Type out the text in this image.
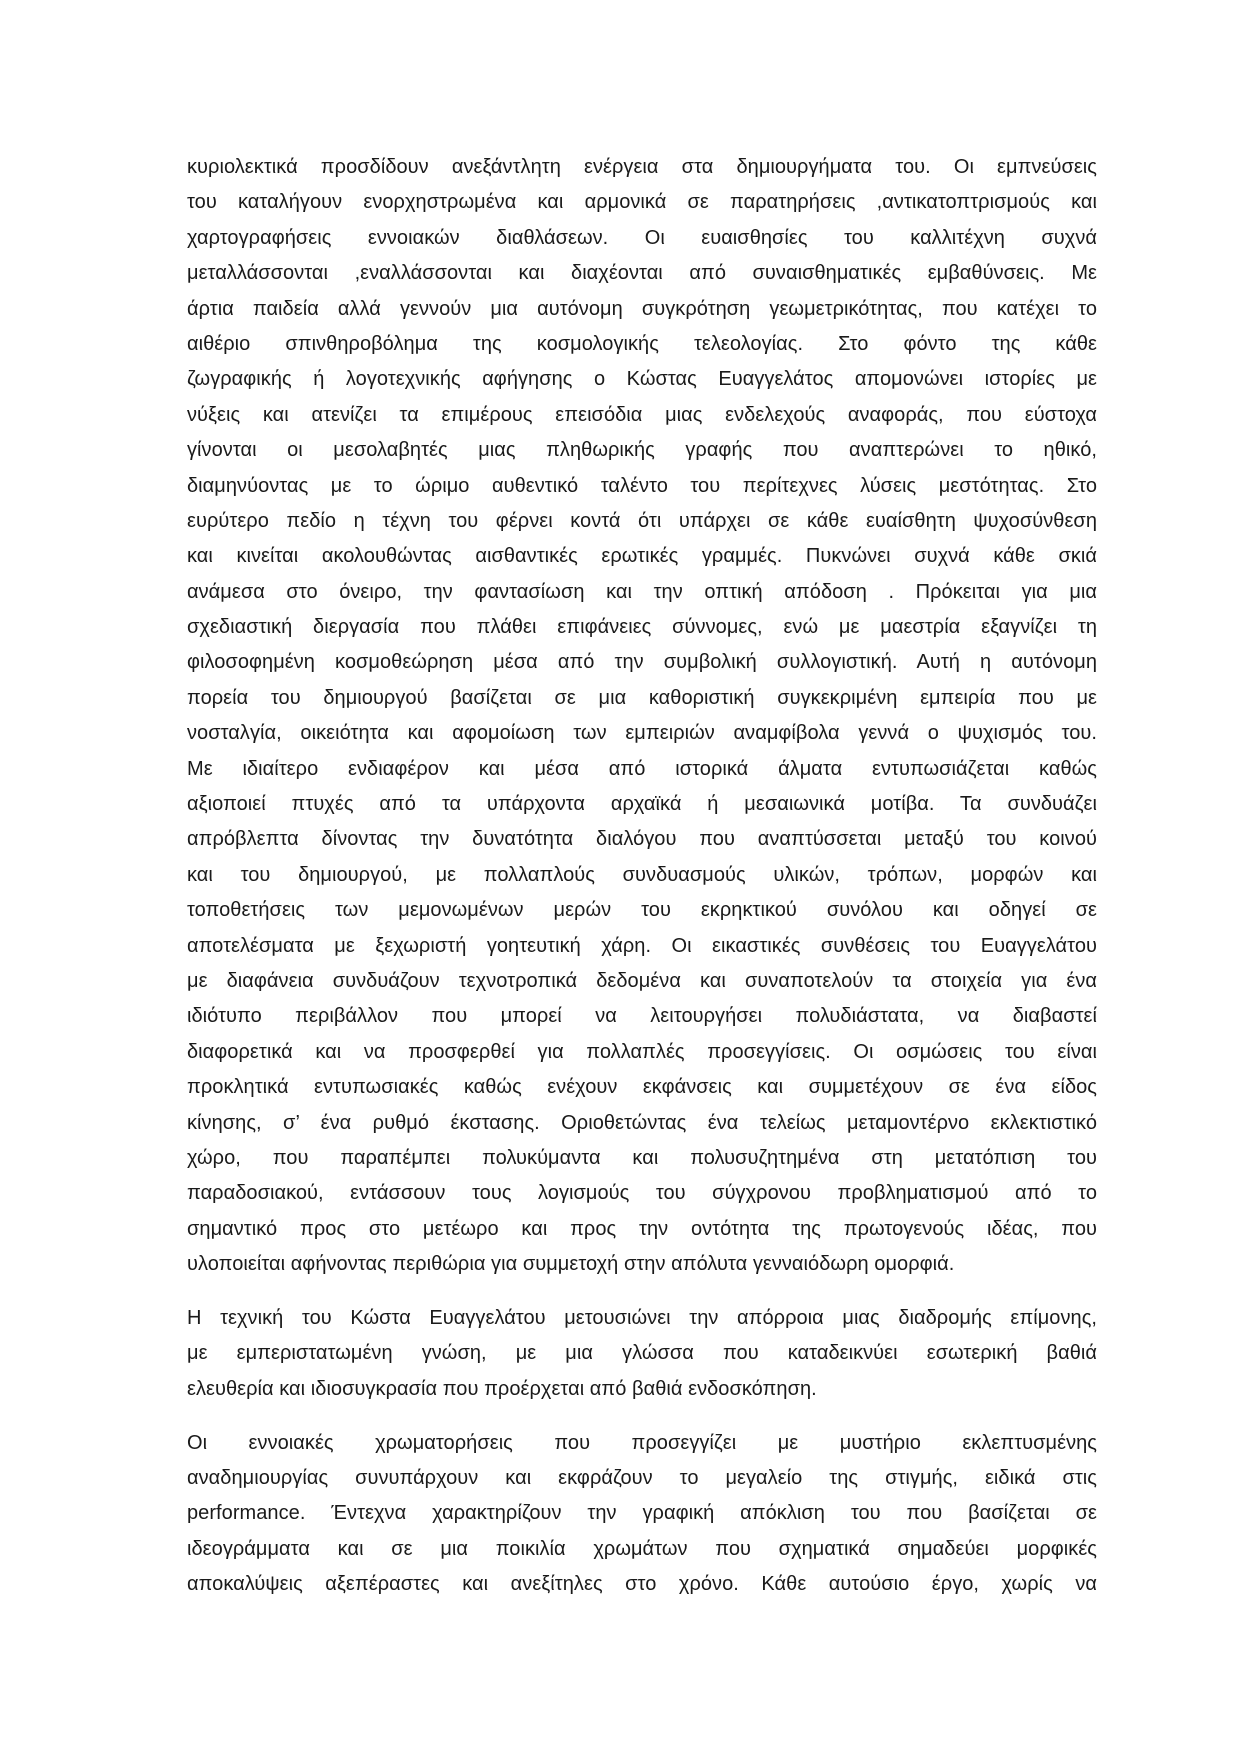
κυριολεκτικά προσδίδουν ανεξάντλητη ενέργεια στα δημιουργήματα του. Οι εμπνεύσεις
του καταλήγουν ενορχηστρωμένα και αρμονικά σε παρατηρήσεις ,αντικατοπτρισμούς και
χαρτογραφήσεις εννοιακών διαθλάσεων. Οι ευαισθησίες του καλλιτέχνη συχνά
μεταλλάσσονται ,εναλλάσσονται και διαχέονται από συναισθηματικές εμβαθύνσεις. Με
άρτια παιδεία αλλά γεννούν μια αυτόνομη συγκρότηση γεωμετρικότητας, που κατέχει το
αιθέριο σπινθηροβόλημα της κοσμολογικής τελεολογίας. Στο φόντο της κάθε
ζωγραφικής ή λογοτεχνικής αφήγησης ο Κώστας Ευαγγελάτος απομονώνει ιστορίες με
νύξεις και ατενίζει τα επιμέρους επεισόδια μιας ενδελεχούς αναφοράς, που εύστοχα
γίνονται οι μεσολαβητές μιας πληθωρικής γραφής που αναπτερώνει το ηθικό,
διαμηνύοντας με το ώριμο αυθεντικό ταλέντο του περίτεχνες λύσεις μεστότητας. Στο
ευρύτερο πεδίο η τέχνη του φέρνει κοντά ότι υπάρχει σε κάθε ευαίσθητη ψυχοσύνθεση
και κινείται ακολουθώντας αισθαντικές ερωτικές γραμμές. Πυκνώνει συχνά κάθε σκιά
ανάμεσα στο όνειρο, την φαντασίωση και την οπτική απόδοση . Πρόκειται για μια
σχεδιαστική διεργασία που πλάθει επιφάνειες σύννομες, ενώ με μαεστρία εξαγνίζει τη
φιλοσοφημένη κοσμοθεώρηση μέσα από την συμβολική συλλογιστική. Αυτή η αυτόνομη
πορεία του δημιουργού βασίζεται σε μια καθοριστική συγκεκριμένη εμπειρία που με
νοσταλγία, οικειότητα και αφομοίωση των εμπειριών αναμφίβολα γεννά ο ψυχισμός του.
Με ιδιαίτερο ενδιαφέρον και μέσα από ιστορικά άλματα εντυπωσιάζεται καθώς
αξιοποιεί πτυχές από τα υπάρχοντα αρχαϊκά ή μεσαιωνικά μοτίβα. Τα συνδυάζει
απρόβλεπτα δίνοντας την δυνατότητα διαλόγου που αναπτύσσεται μεταξύ του κοινού
και του δημιουργού, με πολλαπλούς συνδυασμούς υλικών, τρόπων, μορφών και
τοποθετήσεις των μεμονωμένων μερών του εκρηκτικού συνόλου και οδηγεί σε
αποτελέσματα με ξεχωριστή γοητευτική χάρη. Οι εικαστικές συνθέσεις του Ευαγγελάτου
με διαφάνεια συνδυάζουν τεχνοτροπικά δεδομένα και συναποτελούν τα στοιχεία για ένα
ιδιότυπο περιβάλλον που μπορεί να λειτουργήσει πολυδιάστατα, να διαβαστεί
διαφορετικά και να προσφερθεί για πολλαπλές προσεγγίσεις. Οι οσμώσεις του είναι
προκλητικά εντυπωσιακές καθώς ενέχουν εκφάνσεις και συμμετέχουν σε ένα είδος
κίνησης, σ’ ένα ρυθμό έκστασης. Οριοθετώντας ένα τελείως μεταμοντέρνο εκλεκτιστικό
χώρο, που παραπέμπει πολυκύμαντα και πολυσυζητημένα στη μετατόπιση του
παραδοσιακού, εντάσσουν τους λογισμούς του σύγχρονου προβληματισμού από το
σημαντικό προς στο μετέωρο και προς την οντότητα της πρωτογενούς ιδέας, που
υλοποιείται αφήνοντας περιθώρια για συμμετοχή στην απόλυτα γενναιόδωρη ομορφιά.
Η τεχνική του Κώστα Ευαγγελάτου μετουσιώνει την απόρροια μιας διαδρομής επίμονης,
με εμπεριστατωμένη γνώση, με μια γλώσσα που καταδεικνύει εσωτερική βαθιά
ελευθερία και ιδιοσυγκρασία που προέρχεται από βαθιά ενδοσκόπηση.
Οι εννοιακές χρωματορήσεις που προσεγγίζει με μυστήριο εκλεπτυσμένης
αναδημιουργίας συνυπάρχουν και εκφράζουν το μεγαλείο της στιγμής, ειδικά στις
performance. Έντεχνα χαρακτηρίζουν την γραφική απόκλιση του που βασίζεται σε
ιδεογράμματα και σε μια ποικιλία χρωμάτων που σχηματικά σημαδεύει μορφικές
αποκαλύψεις αξεπέραστες και ανεξίτηλες στο χρόνο. Κάθε αυτούσιο έργο, χωρίς να
